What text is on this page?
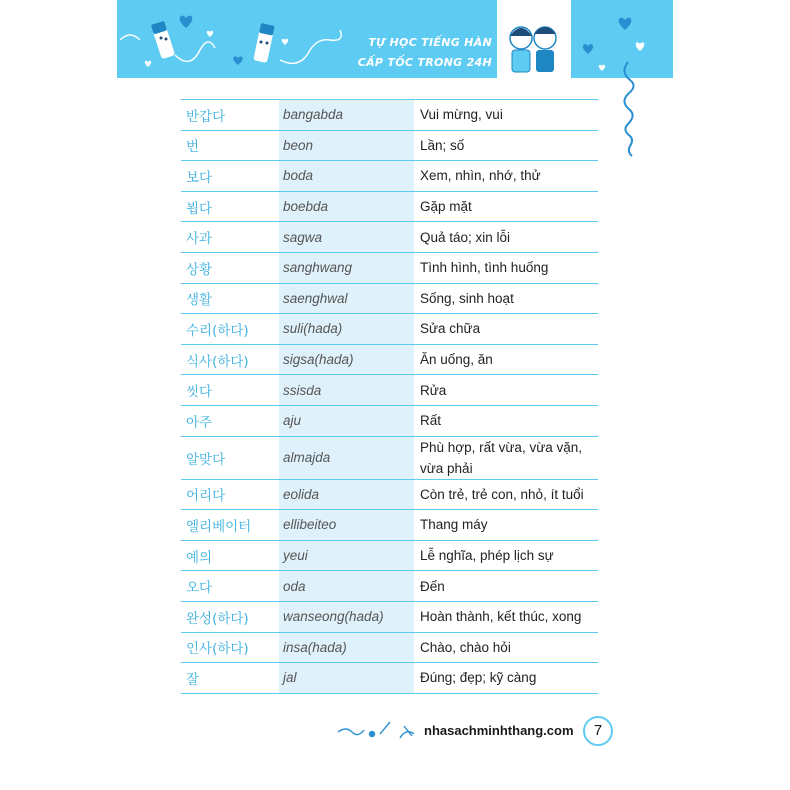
TỰ HỌC TIẾNG HÀN
CẤP TỐC TRONG 24H
반갑다	bangabda	Vui mừng, vui
번	beon	Lần; số
보다	boda	Xem, nhìn, nhớ, thử
뵙다	boebda	Gặp mặt
사과	sagwa	Quả táo; xin lỗi
상황	sanghwang	Tình hình, tình huống
생활	saenghwal	Sống, sinh hoạt
수리(하다)	suli(hada)	Sửa chữa
식사(하다)	sigsa(hada)	Ăn uống, ăn
씻다	ssisda	Rửa
아주	aju	Rất
알맞다	almajda	Phù hợp, rất vừa, vừa vặn, vừa phải
어리다	eolida	Còn trẻ, trẻ con, nhỏ, ít tuổi
엘리베이터	ellibeiteo	Thang máy
예의	yeui	Lễ nghĩa, phép lịch sự
오다	oda	Đến
완성(하다)	wanseong(hada)	Hoàn thành, kết thúc, xong
인사(하다)	insa(hada)	Chào, chào hỏi
잘	jal	Đúng; đẹp; kỹ càng
nhasachminhthang.com	7
